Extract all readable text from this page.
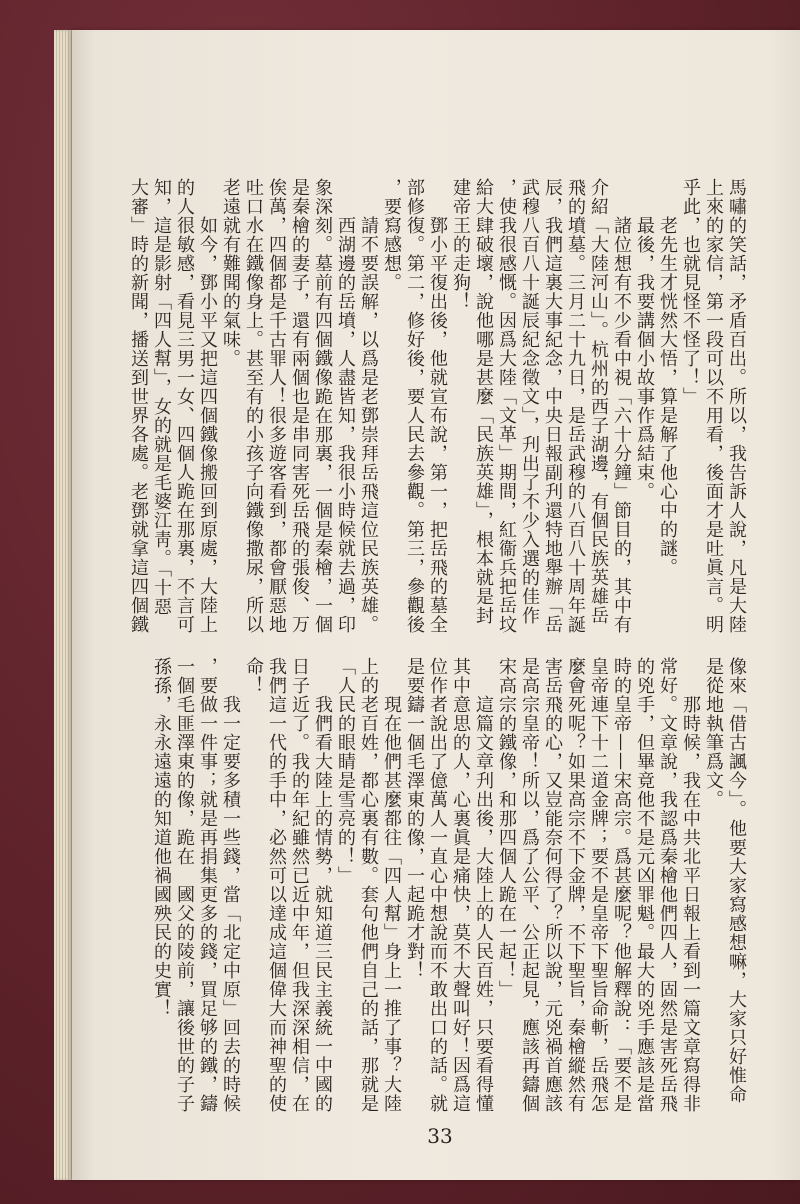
馬嘯的笑話，矛盾百出。所以，我告訴人說，凡是大陸
上來的家信，第一段可以不用看，後面才是吐眞言。明
乎此，也就見怪不怪了！」
老先生才恍然大悟，算是解了他心中的謎。
最後，我要講個小故事作爲結束。
諸位想有不少看中視「六十分鐘」節目的，其中有
介紹「大陸河山」。杭州的西子湖邊，有個民族英雄岳
飛的墳墓。三月二十九日，是岳武穆的八百八十周年誕
辰，我們這裏大事紀念，中央日報副刋還特地舉辦「岳
武穆八百八十誕辰紀念徵文」，刋出了不少入選的佳作
，使我很感慨。因爲大陸「文革」期間，紅衞兵把岳坟
給大肆破壞，說他哪是甚麼「民族英雄」，根本就是封
建帝王的走狗！
鄧小平復出後，他就宣布說，第一，把岳飛的墓全
部修復。第二，修好後，要人民去參觀。第三，參觀後
，要寫感想。
請不要誤解，以爲是老鄧崇拜岳飛這位民族英雄。
西湖邊的岳墳，人盡皆知，我很小時候就去過，印
象深刻。墓前有四個鐵像跪在那裏，一個是秦檜，一個
是秦檜的妻子，還有兩個也是串同害死岳飛的張俊、万
俟萬，四個都是千古罪人！很多遊客看到，都會厭惡地
吐口水在鐵像身上。甚至有的小孩子向鐵像撒尿，所以
老遠就有難聞的氣味。
如今，鄧小平又把這四個鐵像搬回到原處，大陸上
的人很敏感，看見三男一女、四個人跪在那裏，不言可
知，這是影射「四人幫」，女的就是毛婆江靑。「十惡
大審」時的新聞，播送到世界各處。老鄧就拿這四個鐵
像來「借古諷今」。他要大家寫感想嘛，大家只好惟命
是從地執筆爲文。
那時候，我在中共北平日報上看到一篇文章寫得非
常好。文章說，我認爲秦檜他們四人，固然是害死岳飛
的兇手，但畢竟他不是元凶罪魁。最大的兇手應該是當
時的皇帝——宋高宗。爲甚麼呢？他解釋說：「要不是
皇帝連下十二道金牌；要不是皇帝下聖旨命斬，岳飛怎
麼會死呢？如果高宗不下金牌，不下聖旨，秦檜縱然有
害岳飛的心，又豈能奈何得了？所以說，元兇禍首應該
是高宗皇帝！所以，爲了公平、公正起見，應該再鑄個
宋高宗的鐵像，和那四個人跪在一起！」
這篇文章刋出後，大陸上的人民百姓，只要看得懂
其中意思的人，心裏眞是痛快，莫不大聲叫好！因爲這
位作者說出了億萬人一直心中想說而不敢出口的話。就
是要鑄一個毛澤東的像，一起跪才對！
現在他們甚麼都往「四人幫」身上一推了事？大陸
上的老百姓，都心裏有數。套句他們自己的話，那就是
「人民的眼睛是雪亮的！」
我們看大陸上的情勢，就知道三民主義統一中國的
日子近了。我的年紀雖然已近中年，但我深深相信，在
我們這一代的手中，必然可以達成這個偉大而神聖的使
命！
我一定要多積一些錢，當「北定中原」回去的時候
，要做一件事；就是再捐集更多的錢，買足够的鐵，鑄
一個毛匪澤東的像，跪在　國父的陵前，讓後世的子子
孫孫，永永遠遠的知道他禍國殃民的史實！
33
